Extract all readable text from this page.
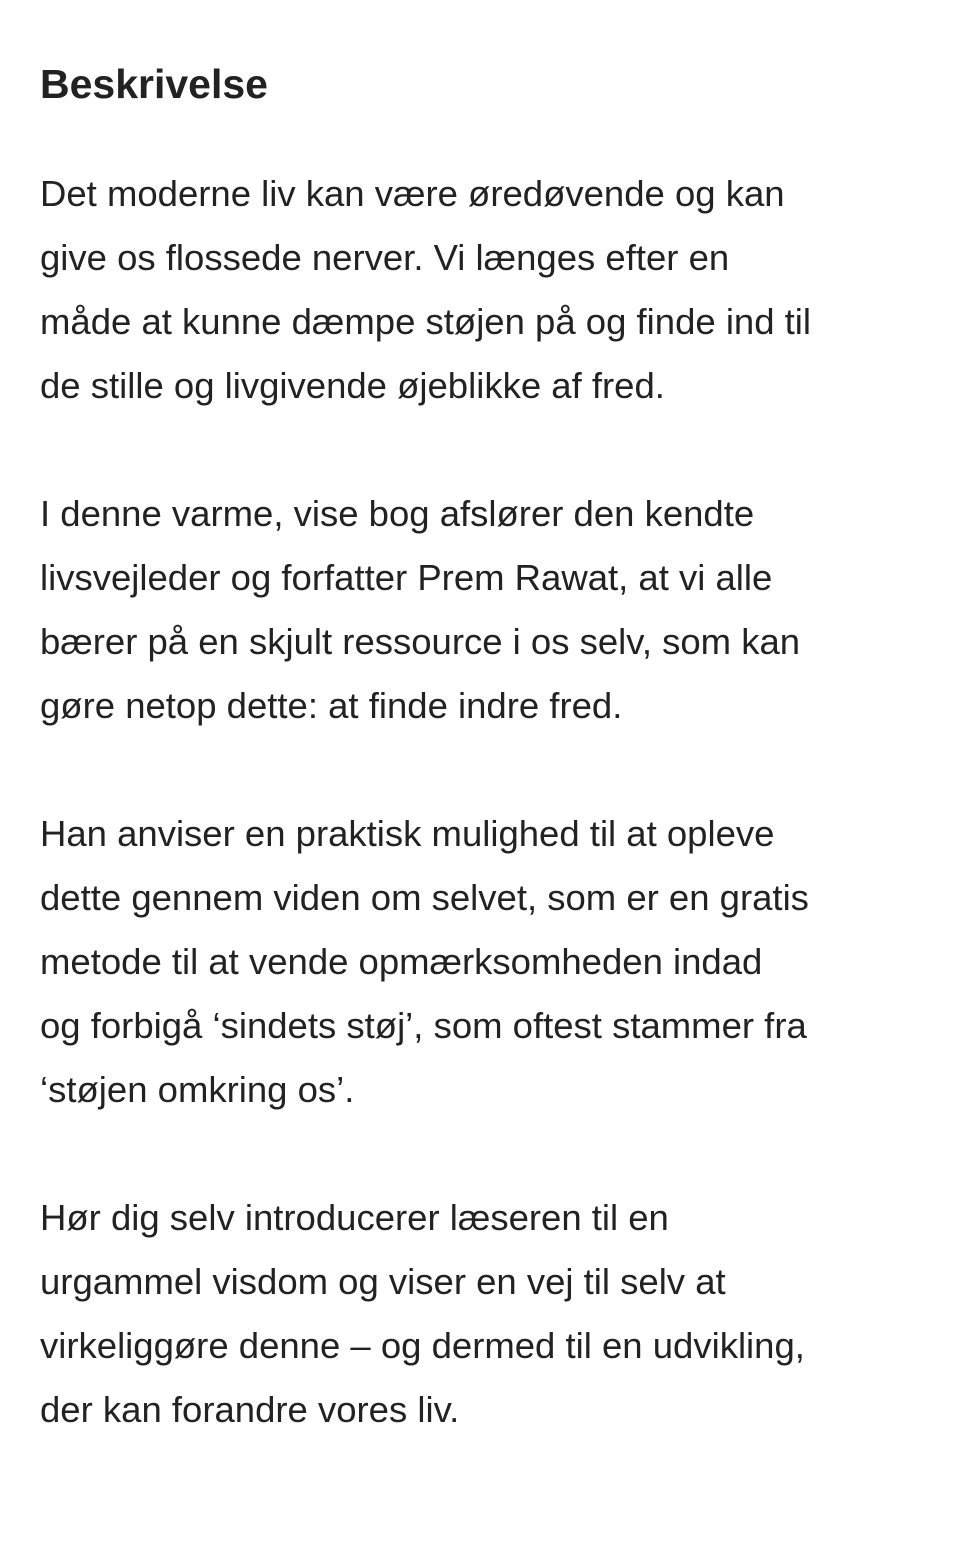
Beskrivelse
Det moderne liv kan være øredøvende og kan
give os flossede nerver. Vi længes efter en
måde at kunne dæmpe støjen på og finde ind til
de stille og livgivende øjeblikke af fred.
I denne varme, vise bog afslører den kendte
livsvejleder og forfatter Prem Rawat, at vi alle
bærer på en skjult ressource i os selv, som kan
gøre netop dette: at finde indre fred.
Han anviser en praktisk mulighed til at opleve
dette gennem viden om selvet, som er en gratis
metode til at vende opmærksomheden indad
og forbigå ‘sindets støj’, som oftest stammer fra
‘støjen omkring os’.
Hør dig selv introducerer læseren til en
urgammel visdom og viser en vej til selv at
virkeliggøre denne – og dermed til en udvikling,
der kan forandre vores liv.
